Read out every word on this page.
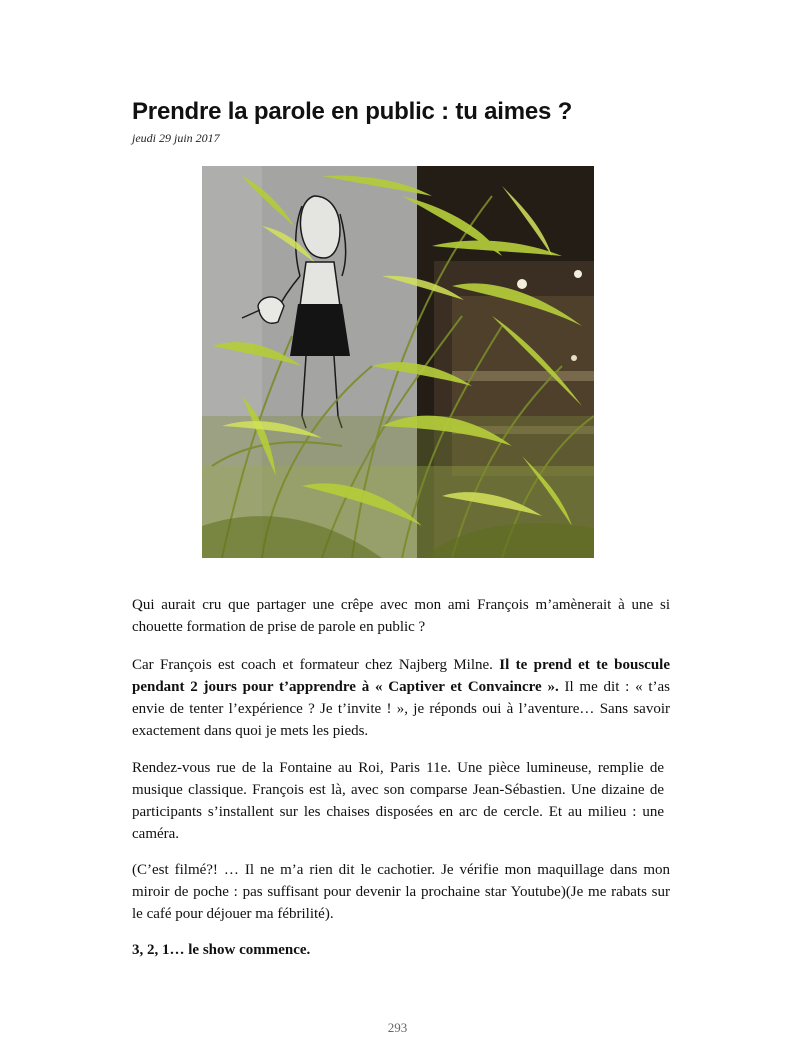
Prendre la parole en public : tu aimes ?
jeudi 29 juin 2017

Qui aurait cru que partager une crêpe avec mon ami François m’amènerait à une si chouette formation de prise de parole en public ?

Car François est coach et formateur chez Najberg Milne. Il te prend et te bouscule pendant 2 jours pour t’apprendre à « Captiver et Convaincre ». Il me dit : « t’as envie de tenter l’expérience ? Je t’invite ! », je réponds oui à l’aventure… Sans savoir exactement dans quoi je mets les pieds.

Rendez-vous rue de la Fontaine au Roi, Paris 11e. Une pièce lumineuse, remplie de musique classique. François est là, avec son comparse Jean-Sébastien. Une dizaine de participants s’installent sur les chaises disposées en arc de cercle. Et au milieu : une caméra.

(C’est filmé?! … Il ne m’a rien dit le cachotier. Je vérifie mon maquillage dans mon miroir de poche : pas suffisant pour devenir la prochaine star Youtube)(Je me rabats sur le café pour déjouer ma fébrilité).

3, 2, 1… le show commence.

293
